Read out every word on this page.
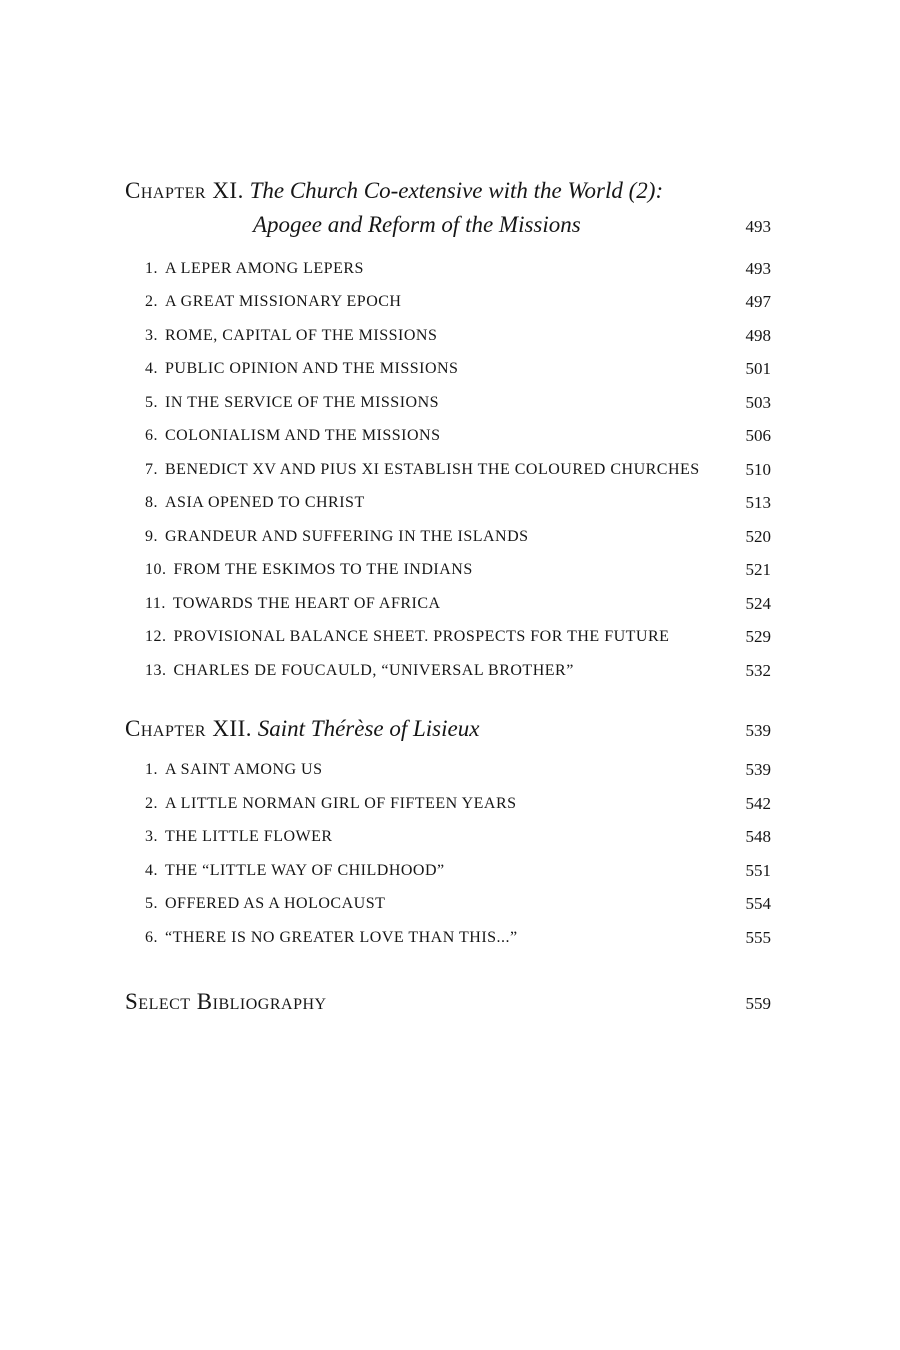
Chapter XI. The Church Co-extensive with the World (2):
Apogee and Reform of the Missions	493
1. A LEPER AMONG LEPERS	493
2. A GREAT MISSIONARY EPOCH	497
3. ROME, CAPITAL OF THE MISSIONS	498
4. PUBLIC OPINION AND THE MISSIONS	501
5. IN THE SERVICE OF THE MISSIONS	503
6. COLONIALISM AND THE MISSIONS	506
7. BENEDICT XV AND PIUS XI ESTABLISH THE COLOURED CHURCHES	510
8. ASIA OPENED TO CHRIST	513
9. GRANDEUR AND SUFFERING IN THE ISLANDS	520
10. FROM THE ESKIMOS TO THE INDIANS	521
11. TOWARDS THE HEART OF AFRICA	524
12. PROVISIONAL BALANCE SHEET. PROSPECTS FOR THE FUTURE	529
13. CHARLES DE FOUCAULD, “UNIVERSAL BROTHER”	532
Chapter XII. Saint Thérèse of Lisieux	539
1. A SAINT AMONG US	539
2. A LITTLE NORMAN GIRL OF FIFTEEN YEARS	542
3. THE LITTLE FLOWER	548
4. THE “LITTLE WAY OF CHILDHOOD”	551
5. OFFERED AS A HOLOCAUST	554
6. “THERE IS NO GREATER LOVE THAN THIS...”	555
Select Bibliography	559
